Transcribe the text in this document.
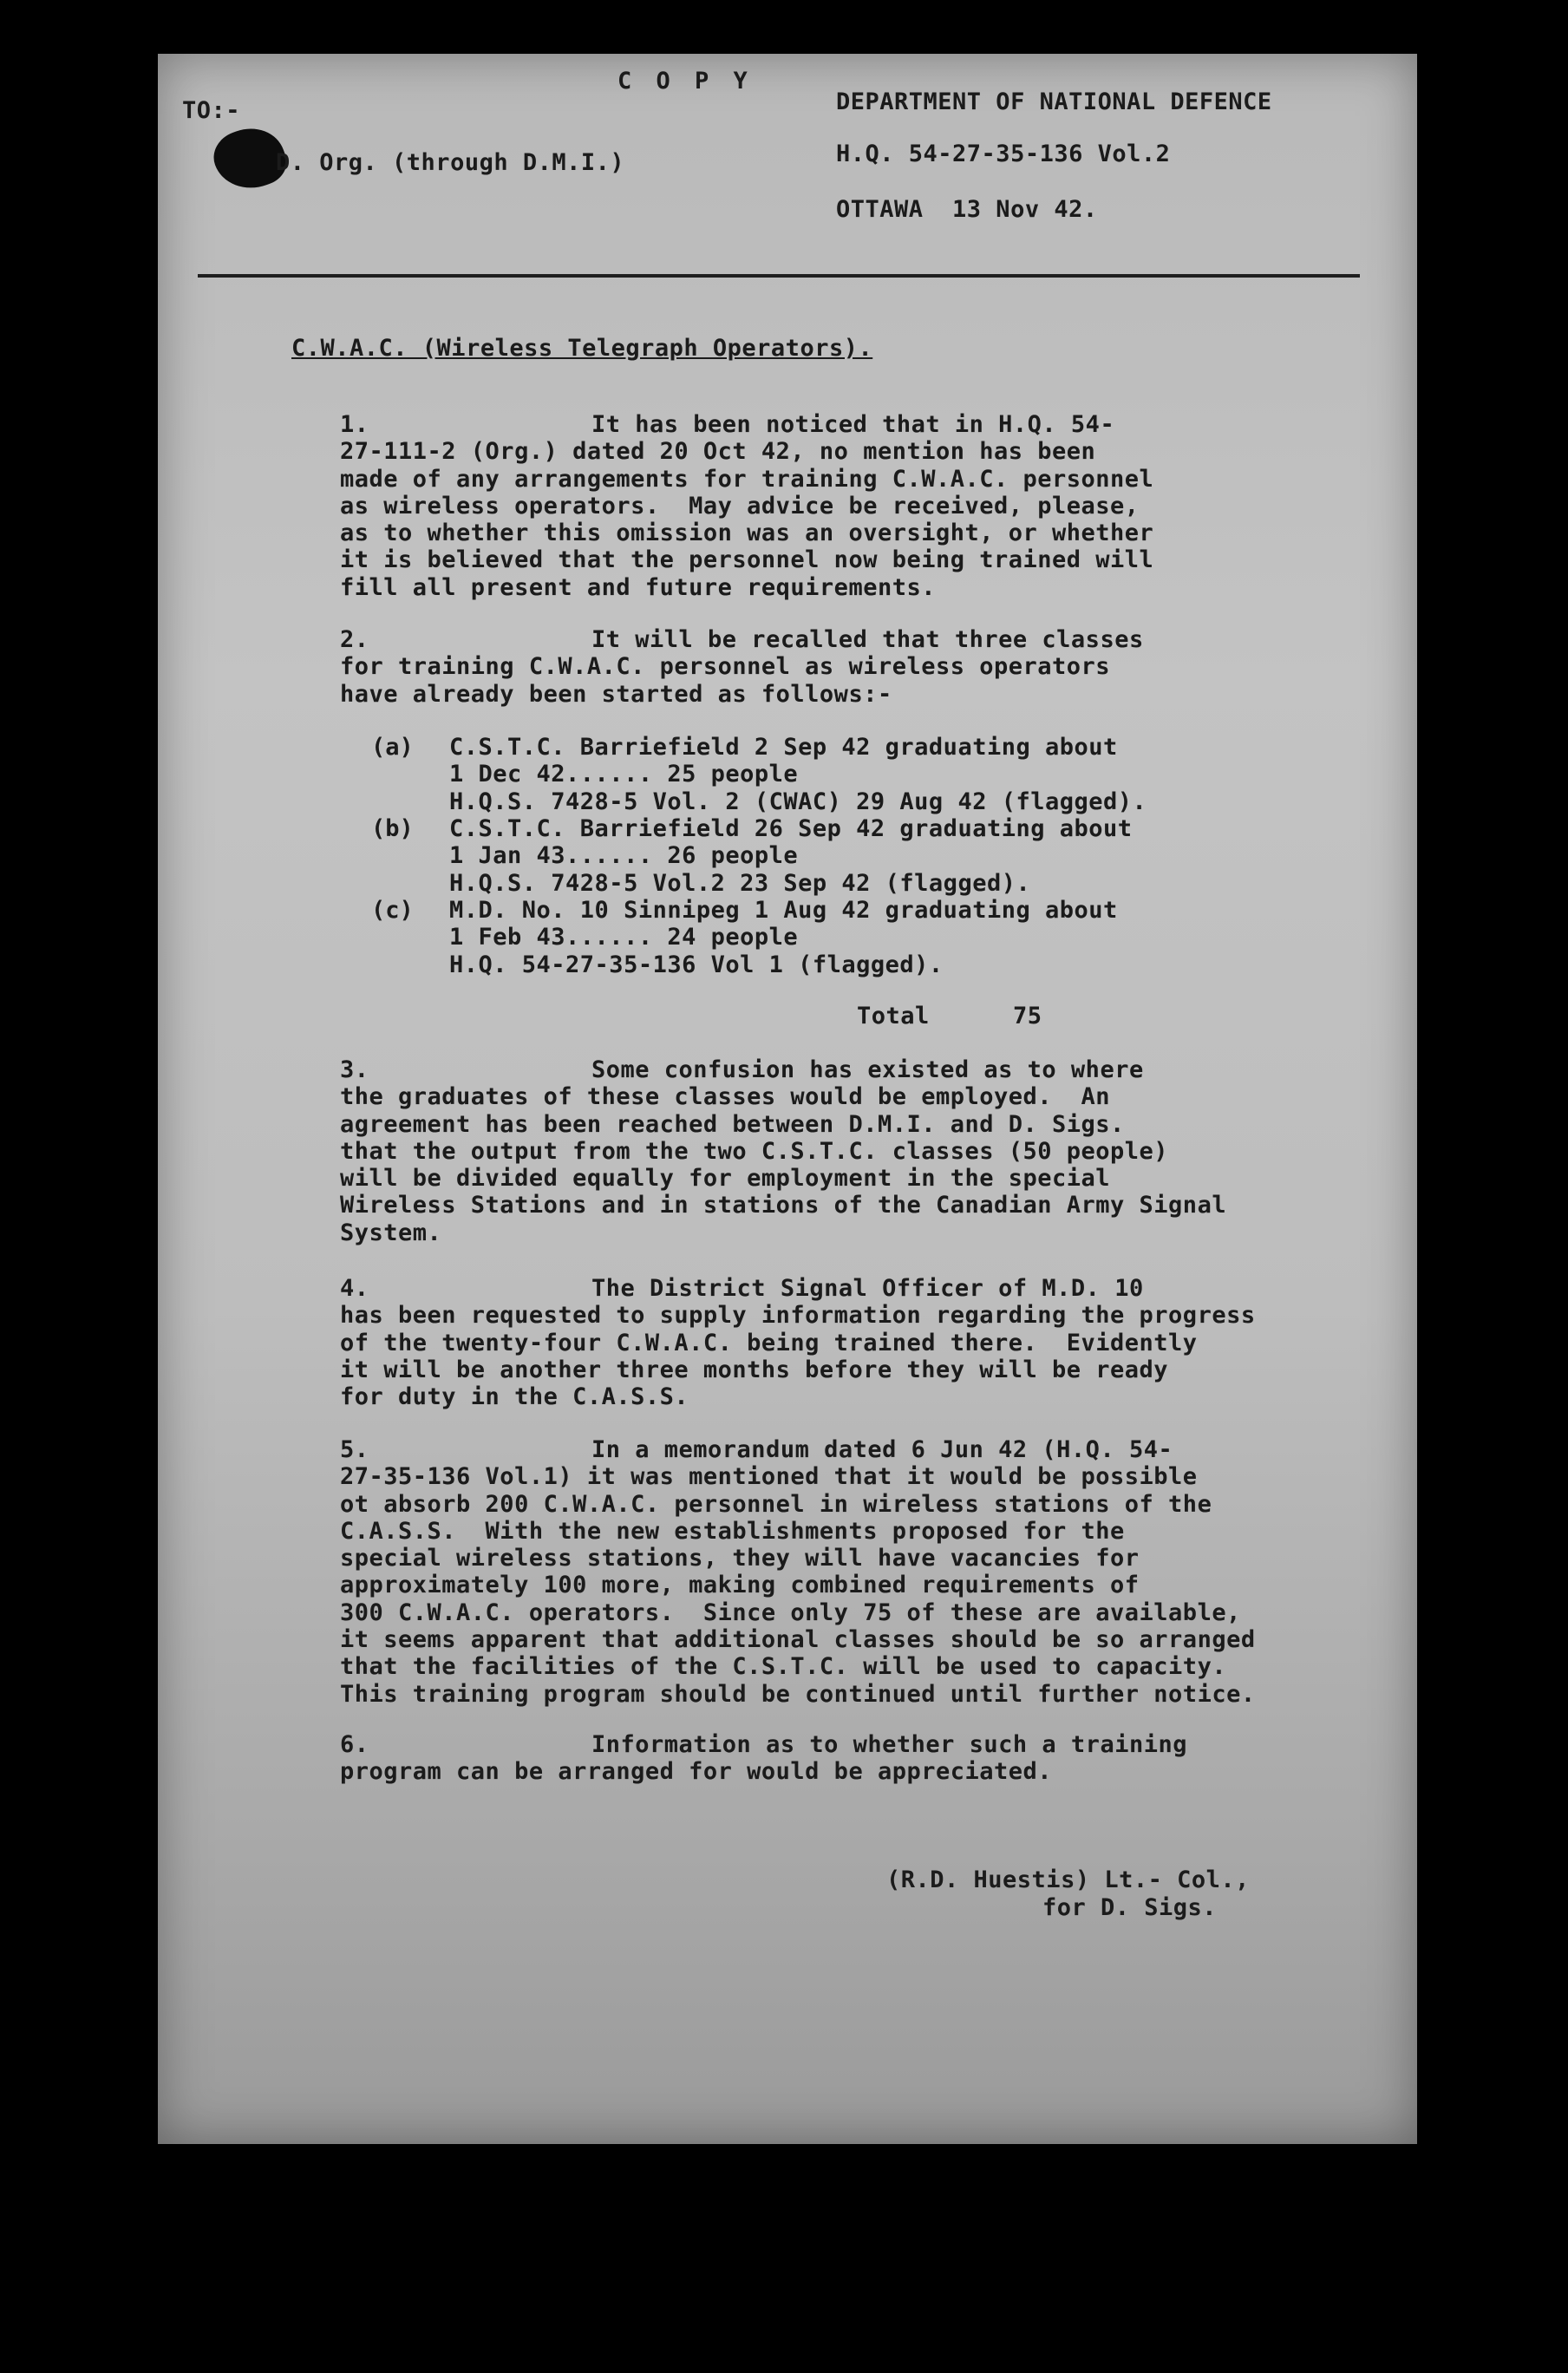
C O P Y
TO:-
D. Org. (through D.M.I.)
DEPARTMENT OF NATIONAL DEFENCE
H.Q. 54-27-35-136 Vol.2
OTTAWA  13 Nov 42.
C.W.A.C. (Wireless Telegraph Operators).
1.	It has been noticed that in H.Q. 54-
27-111-2 (Org.) dated 20 Oct 42, no mention has been
made of any arrangements for training C.W.A.C. personnel
as wireless operators.  May advice be received, please,
as to whether this omission was an oversight, or whether
it is believed that the personnel now being trained will
fill all present and future requirements.
2.	It will be recalled that three classes
for training C.W.A.C. personnel as wireless operators
have already been started as follows:-
(a) C.S.T.C. Barriefield 2 Sep 42 graduating about
1 Dec 42...... 25 people
H.Q.S. 7428-5 Vol. 2 (CWAC) 29 Aug 42 (flagged).
(b) C.S.T.C. Barriefield 26 Sep 42 graduating about
1 Jan 43...... 26 people
H.Q.S. 7428-5 Vol.2 23 Sep 42 (flagged).
(c) M.D. No. 10 Sinnipeg 1 Aug 42 graduating about
1 Feb 43...... 24 people
H.Q. 54-27-35-136 Vol 1 (flagged).
Total	75
3.	Some confusion has existed as to where
the graduates of these classes would be employed.  An
agreement has been reached between D.M.I. and D. Sigs.
that the output from the two C.S.T.C. classes (50 people)
will be divided equally for employment in the special
Wireless Stations and in stations of the Canadian Army Signal
System.
4.	The District Signal Officer of M.D. 10
has been requested to supply information regarding the progress
of the twenty-four C.W.A.C. being trained there.  Evidently
it will be another three months before they will be ready
for duty in the C.A.S.S.
5.	In a memorandum dated 6 Jun 42 (H.Q. 54-
27-35-136 Vol.1) it was mentioned that it would be possible
ot absorb 200 C.W.A.C. personnel in wireless stations of the
C.A.S.S.  With the new establishments proposed for the
special wireless stations, they will have vacancies for
approximately 100 more, making combined requirements of
300 C.W.A.C. operators.  Since only 75 of these are available,
it seems apparent that additional classes should be so arranged
that the facilities of the C.S.T.C. will be used to capacity.
This training program should be continued until further notice.
6.	Information as to whether such a training
program can be arranged for would be appreciated.
(R.D. Huestis) Lt.- Col.,
for D. Sigs.
